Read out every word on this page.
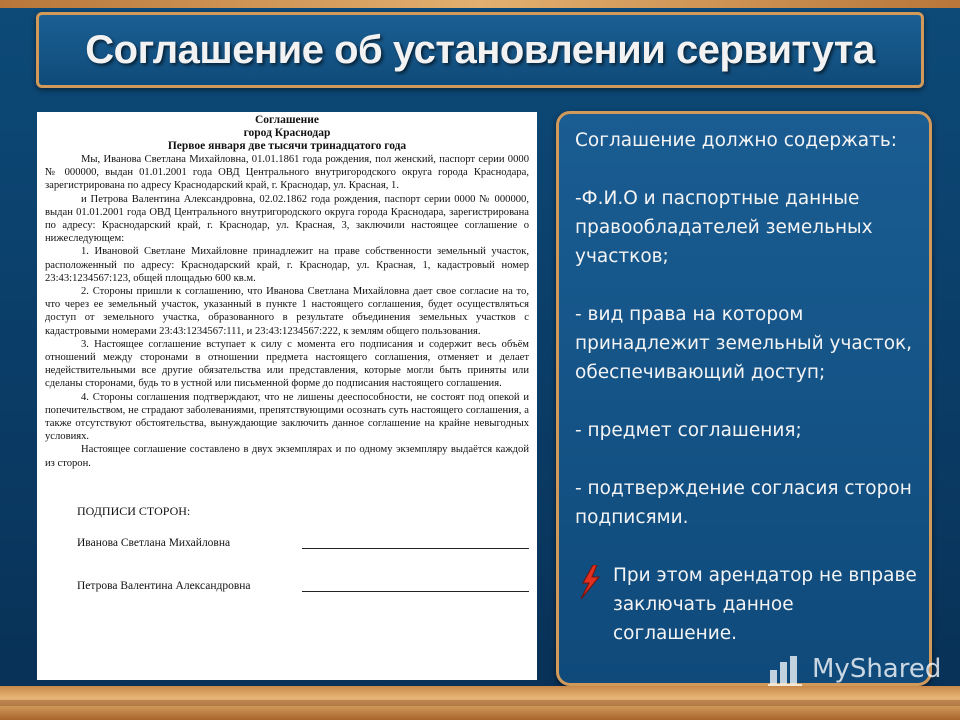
Соглашение об установлении сервитута
Соглашение
город Краснодар
Первое января две тысячи тринадцатого года

Мы, Иванова Светлана Михайловна, 01.01.1861 года рождения, пол женский, паспорт серии 0000 № 000000, выдан 01.01.2001 года ОВД Центрального внутригородского округа города Краснодара, зарегистрирована по адресу Краснодарский край, г. Краснодар, ул. Красная, 1.

и Петрова Валентина Александровна, 02.02.1862 года рождения, паспорт серии 0000 № 000000, выдан 01.01.2001 года ОВД Центрального внутригородского округа города Краснодара, зарегистрирована по адресу: Краснодарский край, г. Краснодар, ул. Красная, 3, заключили настоящее соглашение о нижеследующем:

1. Ивановой Светлане Михайловне принадлежит на праве собственности земельный участок, расположенный по адресу: Краснодарский край, г. Краснодар, ул. Красная, 1, кадастровый номер 23:43:1234567:123, общей площадью 600 кв.м.

2. Стороны пришли к соглашению, что Иванова Светлана Михайловна дает свое согласие на то, что через ее земельный участок, указанный в пункте 1 настоящего соглашения, будет осуществляться доступ от земельного участка, образованного в результате объединения земельных участков с кадастровыми номерами 23:43:1234567:111, и 23:43:1234567:222, к землям общего пользования.

3. Настоящее соглашение вступает к силу с момента его подписания и содержит весь объём отношений между сторонами в отношении предмета настоящего соглашения, отменяет и делает недействительными все другие обязательства или представления, которые могли быть приняты или сделаны сторонами, будь то в устной или письменной форме до подписания настоящего соглашения.

4. Стороны соглашения подтверждают, что не лишены дееспособности, не состоят под опекой и попечительством, не страдают заболеваниями, препятствующими осознать суть настоящего соглашения, а также отсутствуют обстоятельства, вынуждающие заключить данное соглашение на крайне невыгодных условиях.

Настоящее соглашение составлено в двух экземплярах и по одному экземпляру выдаётся каждой из сторон.

ПОДПИСИ СТОРОН:
Иванова Светлана Михайловна
Петрова Валентина Александровна
Соглашение должно содержать:
-Ф.И.О и паспортные данные правообладателей земельных участков;
- вид права на котором принадлежит земельный участок, обеспечивающий доступ;
- предмет соглашения;
- подтверждение согласия сторон подписями.
При этом арендатор не вправе заключать данное соглашение.
MyShared
